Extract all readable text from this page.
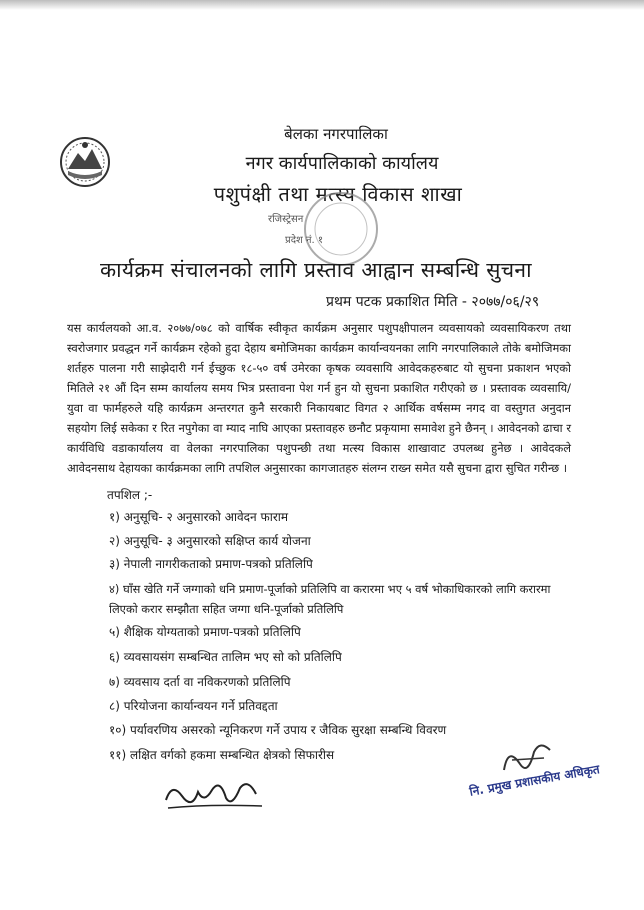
बेलका नगरपालिका
नगर कार्यपालिकाको कार्यालय
पशुपंक्षी तथा मत्स्य विकास शाखा
रजिस्ट्रेसन
प्रदेश नं. १
कार्यक्रम संचालनको लागि प्रस्ताव आह्वान सम्बन्धि सुचना
प्रथम पटक प्रकाशित मिति - २०७७/०६/२९

यस कार्यलयको आ.व. २०७७/०७८ को वार्षिक स्वीकृत कार्यक्रम अनुसार पशुपक्षीपालन व्यवसायको व्यवसायिकरण तथा स्वरोजगार प्रवद्धन गर्ने कार्यक्रम रहेको हुदा देहाय बमोजिमका कार्यक्रम कार्यान्वयनका लागि नगरपालिकाले तोके बमोजिमका शर्तहरु पालना गरी साझेदारी गर्न ईच्छुक १८-५० वर्ष उमेरका कृषक व्यवसायि आवेदकहरुबाट यो सुचना प्रकाशन भएको मितिले २१ औं दिन सम्म कार्यालय समय भित्र प्रस्तावना पेश गर्न हुन यो सुचना प्रकाशित गरीएको छ । प्रस्तावक व्यवसायि/युवा वा फार्महरुले यहि कार्यक्रम अन्तरगत कुनै सरकारी निकायबाट विगत २ आर्थिक वर्षसम्म नगद वा वस्तुगत अनुदान सहयोग लिई सकेका र रित नपुगेका वा म्याद नाघि आएका प्रस्तावहरु छनौट प्रकृयामा समावेश हुने छैनन् । आवेदनको ढाचा र कार्यविधि वडाकार्यालय वा वेलका नगरपालिका पशुपन्छी तथा मत्स्य विकास शाखावाट उपलब्ध हुनेछ । आवेदकले आवेदनसाथ देहायका कार्यक्रमका लागि तपशिल अनुसारका कागजातहरु संलग्न राख्न समेत यसै सुचना द्वारा सुचित गरीन्छ ।

तपशिल ;-
१) अनुसूचि- २ अनुसारको आवेदन फाराम
२) अनुसूचि- ३ अनुसारको सक्षिप्त कार्य योजना
३) नेपाली नागरीकताको प्रमाण-पत्रको प्रतिलिपि

४) घाँस खेति गर्ने जग्गाको धनि प्रमाण-पूर्जाको प्रतिलिपि वा करारमा भए ५ वर्ष भोकाधिकारको लागि करारमा लिएको करार सम्झौता सहित जग्गा धनि-पूर्जाको प्रतिलिपि

५) शैक्षिक योग्यताको प्रमाण-पत्रको प्रतिलिपि
६) व्यवसायसंग सम्बन्धित तालिम भए सो को प्रतिलिपि
७) व्यवसाय दर्ता वा नविकरणको प्रतिलिपि
८) परियोजना कार्यान्वयन गर्ने प्रतिवद्दता
१०) पर्यावरणिय असरको न्यूनिकरण गर्ने उपाय र जैविक सुरक्षा सम्बन्धि विवरण
११) लक्षित वर्गको हकमा सम्बन्धित क्षेत्रको सिफारीस
नि. प्रमुख प्रशासकीय अधिकृत
